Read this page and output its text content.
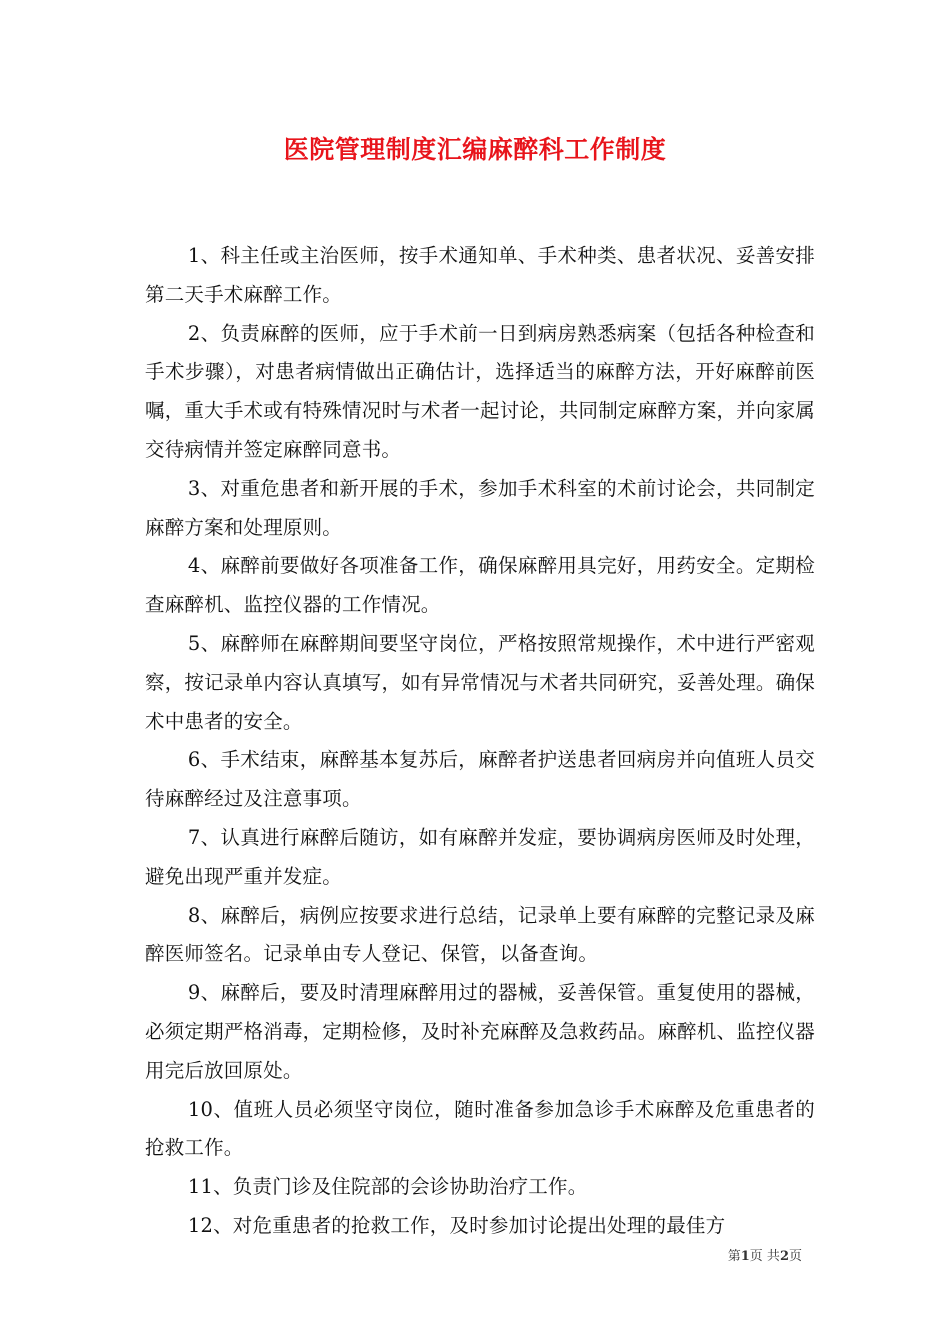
医院管理制度汇编麻醉科工作制度

1、科主任或主治医师，按手术通知单、手术种类、患者状况、妥善安排第二天手术麻醉工作。

2、负责麻醉的医师，应于手术前一日到病房熟悉病案（包括各种检查和手术步骤），对患者病情做出正确估计，选择适当的麻醉方法，开好麻醉前医嘱，重大手术或有特殊情况时与术者一起讨论，共同制定麻醉方案，并向家属交待病情并签定麻醉同意书。

3、对重危患者和新开展的手术，参加手术科室的术前讨论会，共同制定麻醉方案和处理原则。

4、麻醉前要做好各项准备工作，确保麻醉用具完好，用药安全。定期检查麻醉机、监控仪器的工作情况。

5、麻醉师在麻醉期间要坚守岗位，严格按照常规操作，术中进行严密观察，按记录单内容认真填写，如有异常情况与术者共同研究，妥善处理。确保术中患者的安全。

6、手术结束，麻醉基本复苏后，麻醉者护送患者回病房并向值班人员交待麻醉经过及注意事项。

7、认真进行麻醉后随访，如有麻醉并发症，要协调病房医师及时处理，避免出现严重并发症。

8、麻醉后，病例应按要求进行总结，记录单上要有麻醉的完整记录及麻醉医师签名。记录单由专人登记、保管，以备查询。

9、麻醉后，要及时清理麻醉用过的器械，妥善保管。重复使用的器械，必须定期严格消毒，定期检修，及时补充麻醉及急救药品。麻醉机、监控仪器用完后放回原处。

10、值班人员必须坚守岗位，随时准备参加急诊手术麻醉及危重患者的抢救工作。

11、负责门诊及住院部的会诊协助治疗工作。

12、对危重患者的抢救工作，及时参加讨论提出处理的最佳方

第1页 共2页
